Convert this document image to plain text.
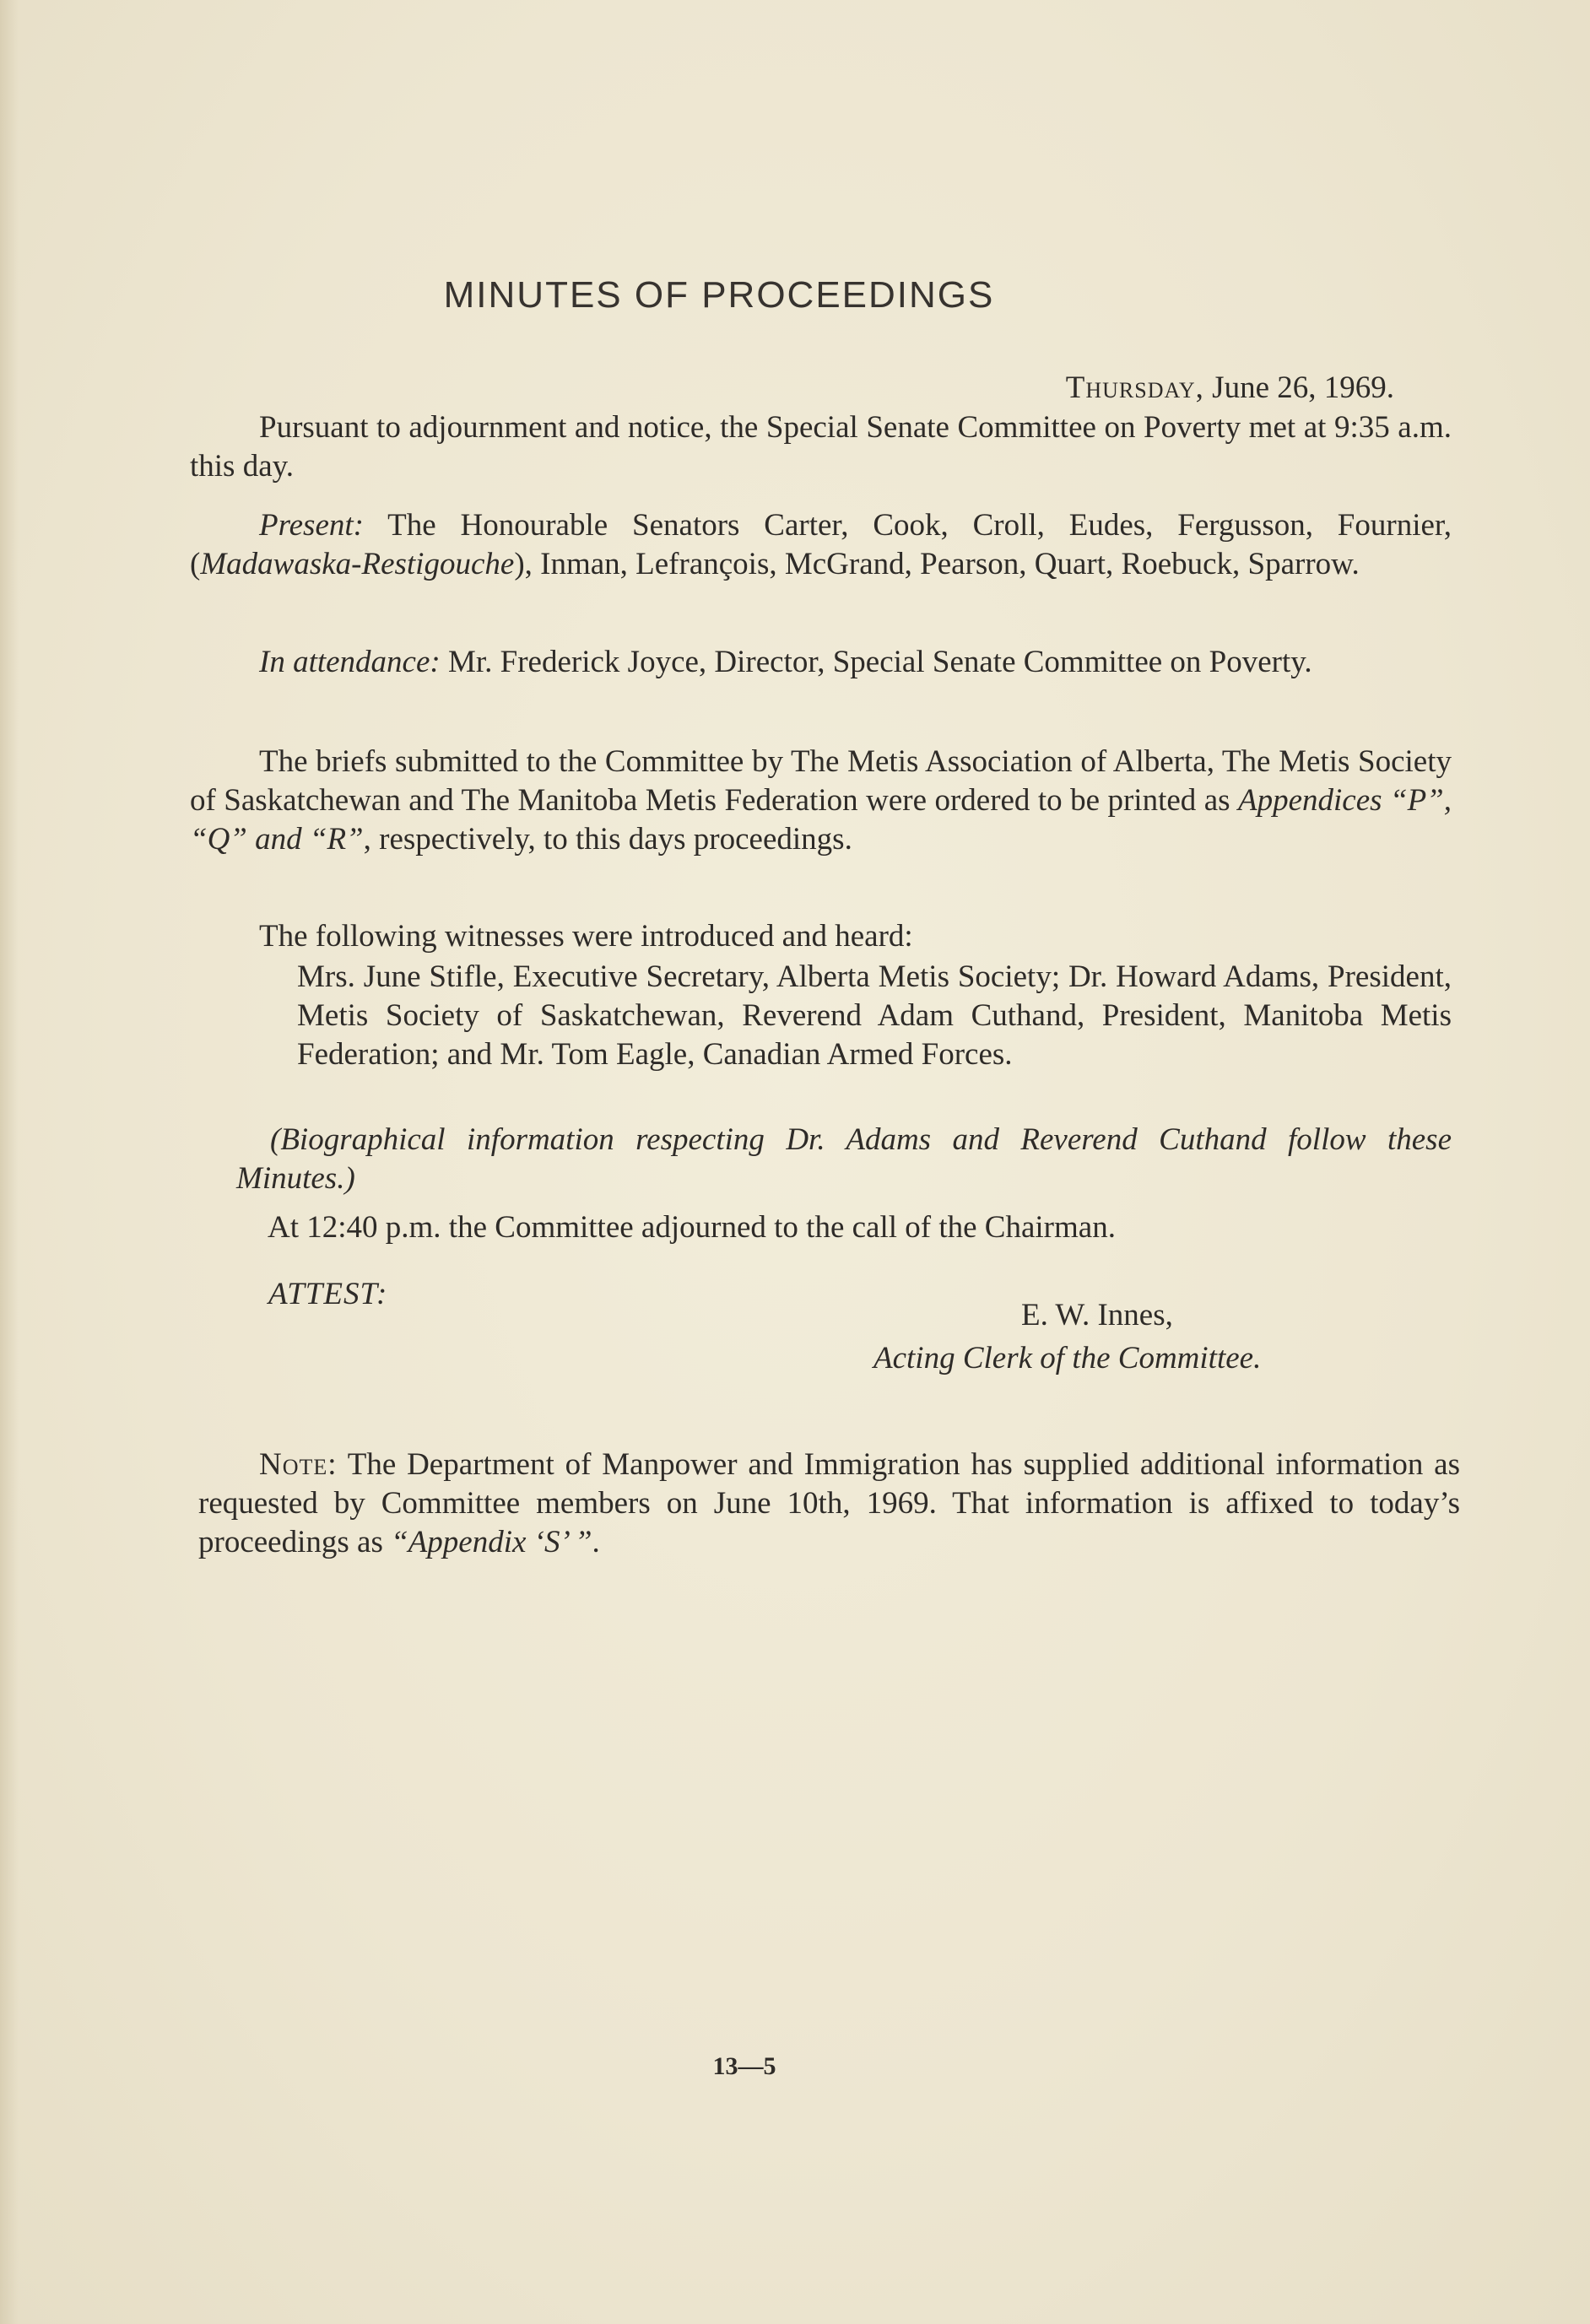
MINUTES OF PROCEEDINGS
Thursday, June 26, 1969.

Pursuant to adjournment and notice, the Special Senate Committee on Poverty met at 9:35 a.m. this day.

Present: The Honourable Senators Carter, Cook, Croll, Eudes, Fergusson, Fournier, (Madawaska-Restigouche), Inman, Lefrançois, McGrand, Pearson, Quart, Roebuck, Sparrow.

In attendance: Mr. Frederick Joyce, Director, Special Senate Committee on Poverty.

The briefs submitted to the Committee by The Metis Association of Alberta, The Metis Society of Saskatchewan and The Manitoba Metis Federation were ordered to be printed as Appendices “P”, “Q” and “R”, respectively, to this days proceedings.

The following witnesses were introduced and heard:

Mrs. June Stifle, Executive Secretary, Alberta Metis Society; Dr. Howard Adams, President, Metis Society of Saskatchewan, Reverend Adam Cuthand, President, Manitoba Metis Federation; and Mr. Tom Eagle, Canadian Armed Forces.

(Biographical information respecting Dr. Adams and Reverend Cuthand follow these Minutes.)

At 12:40 p.m. the Committee adjourned to the call of the Chairman.

ATTEST:
E. W. Innes,
Acting Clerk of the Committee.

Note: The Department of Manpower and Immigration has supplied additional information as requested by Committee members on June 10th, 1969. That information is affixed to today’s proceedings as “Appendix ‘S’ ”.

13—5
